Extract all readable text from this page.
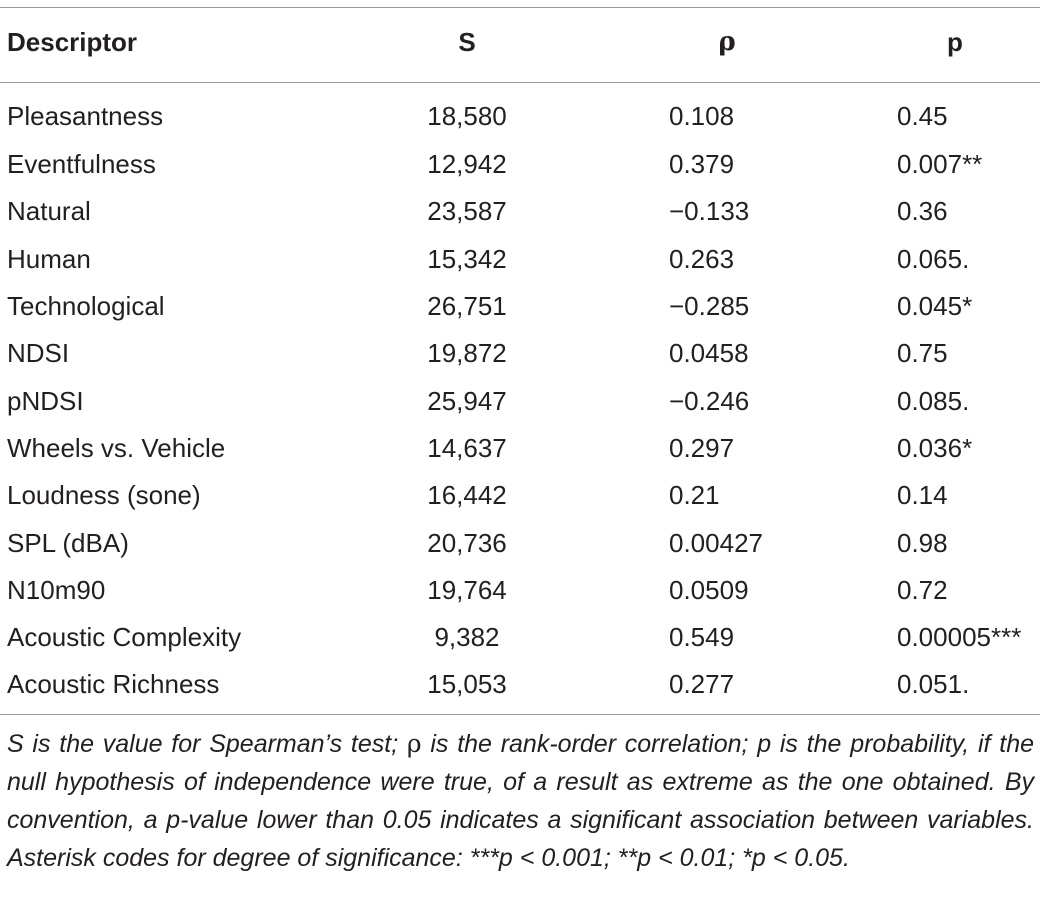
Descriptor	S	ρ	p
Pleasantness	18,580	0.108	0.45
Eventfulness	12,942	0.379	0.007**
Natural	23,587	−0.133	0.36
Human	15,342	0.263	0.065.
Technological	26,751	−0.285	0.045*
NDSI	19,872	0.0458	0.75
pNDSI	25,947	−0.246	0.085.
Wheels vs. Vehicle	14,637	0.297	0.036*
Loudness (sone)	16,442	0.21	0.14
SPL (dBA)	20,736	0.00427	0.98
N10m90	19,764	0.0509	0.72
Acoustic Complexity	9,382	0.549	0.00005***
Acoustic Richness	15,053	0.277	0.051.
S is the value for Spearman’s test; ρ is the rank-order correlation; p is the probability, if the null hypothesis of independence were true, of a result as extreme as the one obtained. By convention, a p-value lower than 0.05 indicates a significant association between variables. Asterisk codes for degree of significance: ***p < 0.001; **p < 0.01; *p < 0.05.
